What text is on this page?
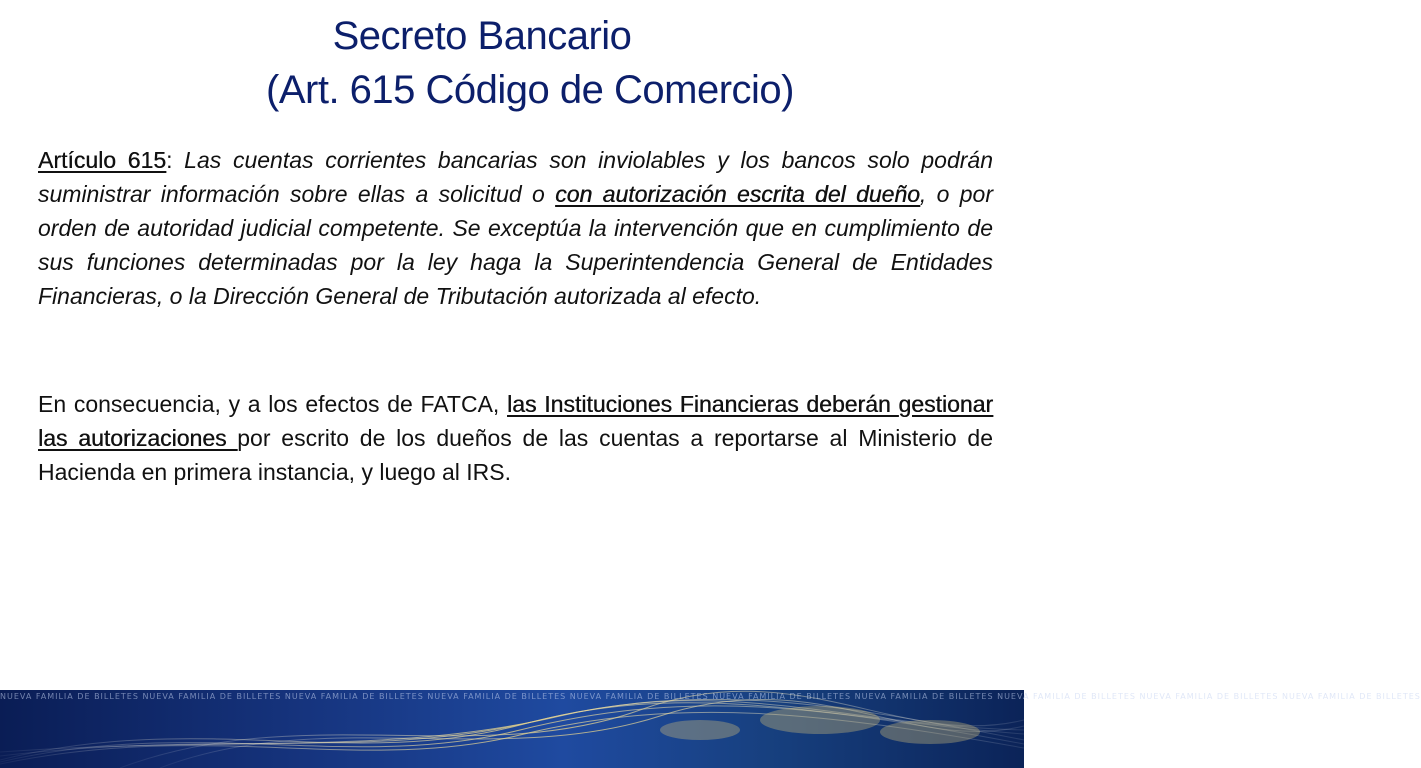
Secreto Bancario
(Art. 615 Código de Comercio)

Artículo 615: Las cuentas corrientes bancarias son inviolables y los bancos solo podrán suministrar información sobre ellas a solicitud o con autorización escrita del dueño, o por orden de autoridad judicial competente. Se exceptúa la intervención que en cumplimiento de sus funciones determinadas por la ley haga la Superintendencia General de Entidades Financieras, o la Dirección General de Tributación autorizada al efecto.

En consecuencia, y a los efectos de FATCA, las Instituciones Financieras deberán gestionar las autorizaciones por escrito de los dueños de las cuentas a reportarse al Ministerio de Hacienda en primera instancia, y luego al IRS.

NUEVA FAMILIA DE BILLETES NUEVA FAMILIA DE BILLETES NUEVA FAMILIA DE BILLETES NUEVA FAMILIA DE BILLETES NUEVA FAMILIA DE BILLETES NUEVA FAMILIA DE BILLETES NUEVA FAMILIA DE BILLETES NUEVA FAMILIA DE BILLETES NUEVA FAMILIA DE BILLETES NUEVA FAMILIA DE BILLETES
